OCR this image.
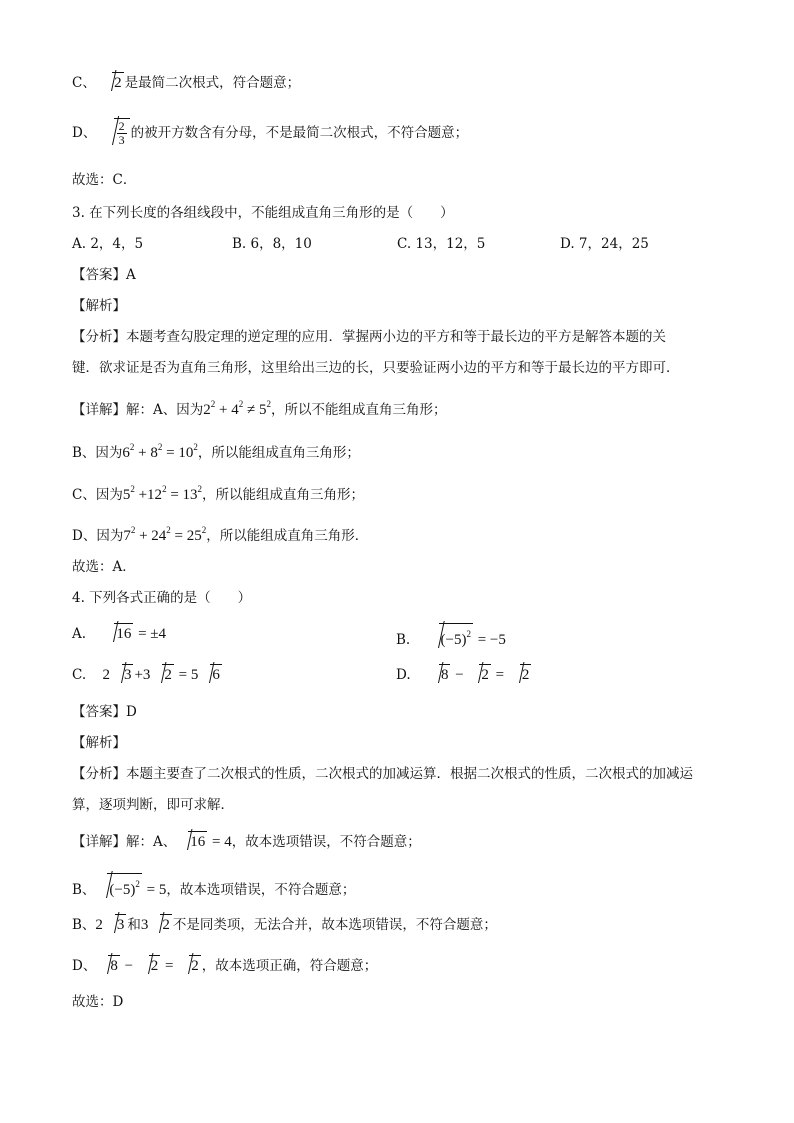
C、 2 是最简二次根式，符合题意；
D、 $\frac{2}{3}$ 的被开方数含有分母，不是最简二次根式，不符合题意；
故选：C．
3. 在下列长度的各组线段中，不能组成直角三角形的是（　　）
A. 2，4，5	B. 6，8，10	C. 13，12，5	D. 7，24，25
【答案】A
【解析】
【分析】本题考查勾股定理的逆定理的应用．掌握两小边的平方和等于最长边的平方是解答本题的关
键．欲求证是否为直角三角形，这里给出三边的长，只要验证两小边的平方和等于最长边的平方即可．
【详解】解：A、因为$2^2 + 4^2 \ne 5^2$，所以不能组成直角三角形；
B、因为$6^2 + 8^2 = 10^2$，所以能组成直角三角形；
C、因为$5^2 +12^2 = 13^2$，所以能组成直角三角形；
D、因为$7^2 + 24^2 = 25^2$，所以能组成直角三角形．
故选：A．
4. 下列各式正确的是（　　）
A. 16 = ±4	B. $(-5)^2 = -5$
C. 2 3 +3 2 = 5 6	D. 8 − 2 = 2
【答案】D
【解析】
【分析】本题主要查了二次根式的性质，二次根式的加减运算．根据二次根式的性质，二次根式的加减运
算，逐项判断，即可求解．
【详解】解：A、 16 = 4，故本选项错误，不符合题意；
B、 $(-5)^2 = 5$，故本选项错误，不符合题意；
B、2 3 和3 2 不是同类项，无法合并，故本选项错误，不符合题意；
D、 8 − 2 = 2 ，故本选项正确，符合题意；
故选：D
